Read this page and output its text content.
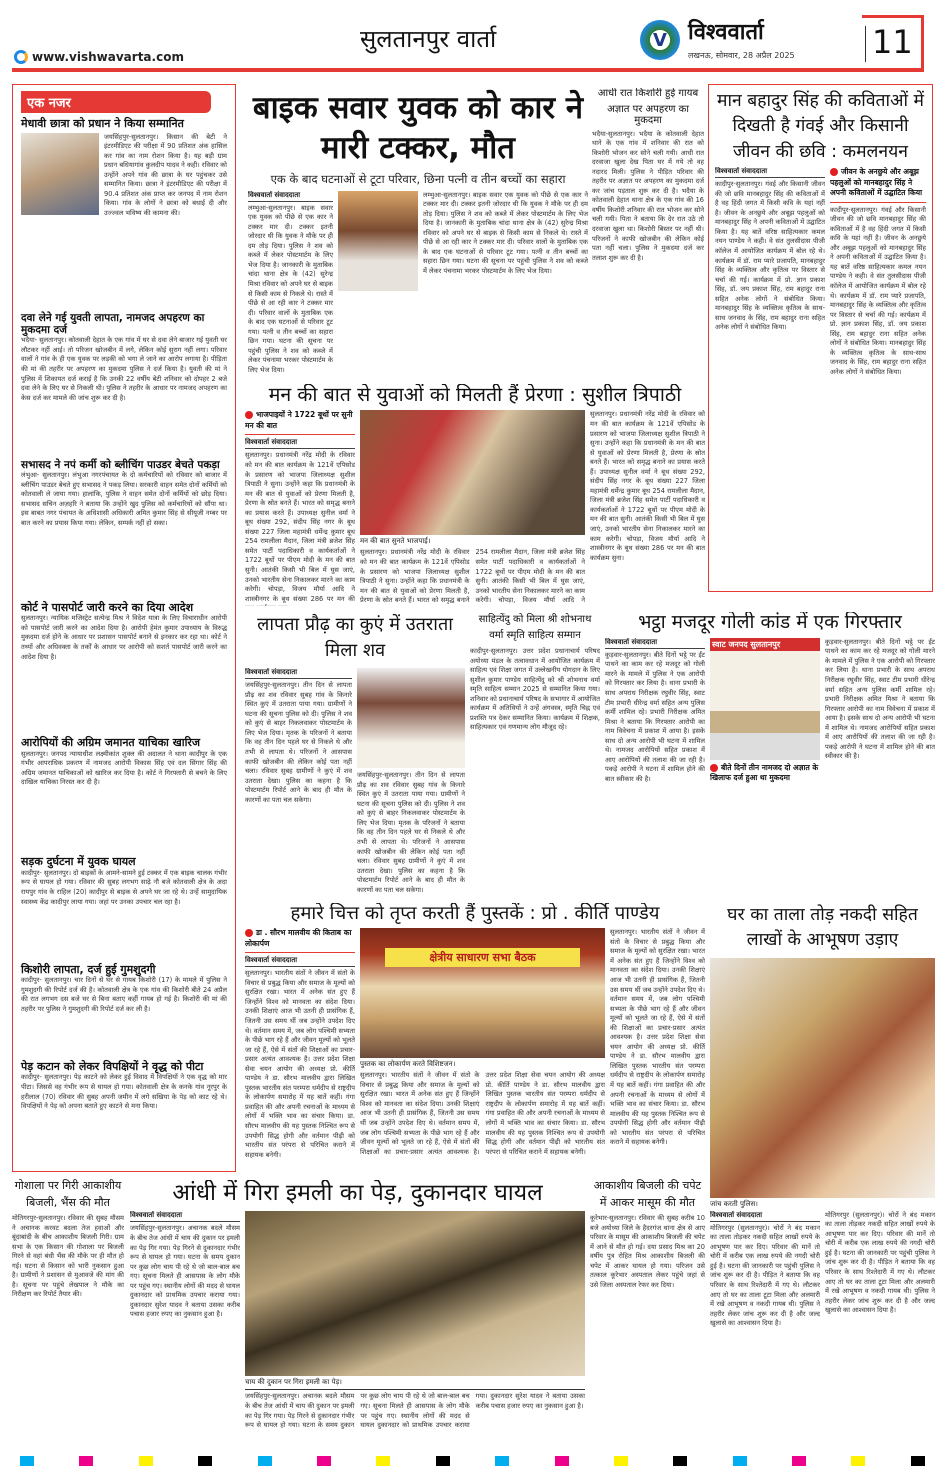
www.vishwavarta.com
सुलतानपुर वार्ता	V विश्ववार्ता
लखनऊ, सोमवार, 28 अप्रैल 2025 11
एक नजर
मेधावी छात्रा को प्रधान ने किया सम्मानित
जयसिंहपुर-सुलतानपुर। किसान की बेटी ने इंटरमीडिएट की परीक्षा में 90 प्रतिशत अंक हासिल कर गांव का नाम रोशन किया है। यह बड़ी ग्राम प्रधान बधियागांव कुलदीप यादव ने कही। रविवार को उन्होंने अपने गांव की छात्रा के घर पहुंचकर उसे सम्मानित किया। छात्रा ने इंटरमीडिएट की परीक्षा में 90.4 प्रतिशत अंक प्राप्त कर जनपद में नाम रोशन किया। गांव के लोगों ने छात्रा को बधाई दी और उज्ज्वल भविष्य की कामना की।
दवा लेने गई युवती लापता, नामजद अपहरण का मुकदमा दर्ज
भदैया- सुलतानपुर। कोतवाली देहात के एक गांव में घर से दवा लेने बाजार गई युवती घर लौटकर नहीं आई। तो परिजन खोजबीन में लगे, लेकिन कोई सुराग नहीं लगा। परिवार वालों ने गांव के ही एक युवक पर लड़की को भगा ले जाने का आरोप लगाया है। पीड़िता की मां की तहरीर पर अपहरण का मुकदमा पुलिस ने दर्ज किया है। युवती की मां ने पुलिस में शिकायत दर्ज कराई है कि उनकी 22 वर्षीय बेटी शनिवार को दोपहर 2 बजे दवा लेने के लिए घर से निकली थी। पुलिस ने तहरीर के आधार पर नामजद अपहरण का केस दर्ज कर मामले की जांच शुरू कर दी है।
सभासद ने नपं कर्मी को ब्लीचिंग पाउडर बेचते पकड़ा
लंभुआ- सुलतानपुर। लंभुआ नगरपंचायत के दो कर्मचारियों को रविवार को बाजार में ब्लीचिंग पाउडर बेचते हुए सभासद ने पकड़ लिया। सरकारी वाहन समेत दोनों कर्मियों को कोतवाली ले जाया गया। हालांकि, पुलिस ने वाहन समेत दोनों कर्मियों को छोड़ दिया। सभासद सचिन अज़हरि ने बताया कि उन्होंने खुद पुलिस को कर्मचारियों को सौंपा था। इस बाबत नगर पंचायत के अधिशासी अधिकारी अमित कुमार सिंह से सीयूजी नम्बर पर बात करने का प्रयास किया गया। लेकिन, सम्पर्क नहीं हो सका।
कोर्ट ने पासपोर्ट जारी करने का दिया आदेश
सुलतानपुर। न्यायिक मजिस्ट्रेट सत्येन्द्र मिश्र ने विदेश यात्रा के लिए विचाराधीन आरोपी को पासपोर्ट जारी करने का आदेश दिया है। आरोपी हेमंत कुमार उपाध्याय के विरुद्ध मुकदमा दर्ज होने के आधार पर प्रशासन पासपोर्ट बनाने से इनकार कर रहा था। कोर्ट ने तथ्यों और अधिवक्ता के तर्कों के आधार पर आरोपी को सशर्त पासपोर्ट जारी करने का आदेश दिया है।
आरोपियों की अग्रिम जमानत याचिका खारिज
सुलतानपुर। जनपद न्यायाधीश लक्ष्मीकांत शुक्ल की अदालत ने थाना कादीपुर के एक गंभीर आपराधिक प्रकरण में नामजद आरोपी विकास सिंह एवं दल सिंगार सिंह की अग्रिम जमानत याचिकाओं को खारिज कर दिया है। कोर्ट ने गिरफ्तारी से बचने के लिए दाखिल याचिका निरस्त कर दी है।
सड़क दुर्घटना में युवक घायल
कादीपुर- सुलतानपुर। दो बाइकों के आमने-सामने हुई टक्कर में एक बाइक चालक गंभीर रूप से घायल हो गया। रविवार की सुबह लगभग साढ़े नौ बजे कोतवाली क्षेत्र के अदा रायपुर गांव के राहिल (20) कादीपुर से बाइक से अपने घर जा रहे थे। उन्हें सामुदायिक स्वास्थ्य केंद्र कादीपुर लाया गया। जहां पर उनका उपचार चल रहा है।
किशोरी लापता, दर्ज हुई गुमशुदगी
कादीपुर- सुलतानपुर। चार दिनों से घर से गायब किशोरी (17) के मामले में पुलिस ने गुमशुदगी की रिपोर्ट दर्ज की है। कोतवाली क्षेत्र के एक गांव की किशोरी बीते 24 अप्रैल की रात लगभग दस बजे घर से बिना बताए कहीं गायब हो गई है। किशोरी की मां की तहरीर पर पुलिस ने गुमशुदगी की रिपोर्ट दर्ज कर ली है।
पेड़ कटान को लेकर विपक्षियों ने वृद्ध को पीटा
कादीपुर- सुलतानपुर। पेड़ काटने को लेकर हुई विवाद में विपक्षियों ने एक वृद्ध को मार पीटा। जिससे वह गंभीर रूप से घायल हो गया। कोतवाली क्षेत्र के कनके गांव नूरपुर के हरीलाल (70) रविवार की सुबह अपनी जमीन में लगे सखिया के पेड़ को काट रहे थे। विपक्षियों ने पेड़ को अपना बताते हुए काटने से मना किया।
बाइक सवार युवक को कार ने मारी टक्कर, मौत
एक के बाद घटनाओं से टूटा परिवार, छिना पत्नी व तीन बच्चों का सहारा
विश्ववार्ता संवाददाता
लम्भुआ-सुलतानपुर। बाइक सवार एक युवक को पीछे से एक कार ने टक्कर मार दी। टक्कर इतनी जोरदार थी कि युवक ने मौके पर ही दम तोड़ दिया। पुलिस ने शव को कब्जे में लेकर पोस्टमार्टम के लिए भेज दिया है। जानकारी के मुताबिक चांदा थाना क्षेत्र के (42) सुरेन्द्र मिश्रा रविवार को अपने घर से बाइक से किसी काम से निकले थे। रास्ते में पीछे से आ रही कार ने टक्कर मार दी। परिवार वालों के मुताबिक एक के बाद एक घटनाओं से परिवार टूट गया। पत्नी व तीन बच्चों का सहारा छिन गया। घटना की सूचना पर पहुंची पुलिस ने शव को कब्जे में लेकर पंचनामा भरकर पोस्टमार्टम के लिए भेज दिया।
लम्भुआ-सुलतानपुर। बाइक सवार एक युवक को पीछे से एक कार ने टक्कर मार दी। टक्कर इतनी जोरदार थी कि युवक ने मौके पर ही दम तोड़ दिया। पुलिस ने शव को कब्जे में लेकर पोस्टमार्टम के लिए भेज दिया है। जानकारी के मुताबिक चांदा थाना क्षेत्र के (42) सुरेन्द्र मिश्रा रविवार को अपने घर से बाइक से किसी काम से निकले थे। रास्ते में पीछे से आ रही कार ने टक्कर मार दी। परिवार वालों के मुताबिक एक के बाद एक घटनाओं से परिवार टूट गया। पत्नी व तीन बच्चों का सहारा छिन गया। घटना की सूचना पर पहुंची पुलिस ने शव को कब्जे में लेकर पंचनामा भरकर पोस्टमार्टम के लिए भेज दिया।
आधी रात किशोरी हुई गायब
अज्ञात पर अपहरण का मुकदमा
भदैया-सुलतानपुर। भदैया के कोतवाली देहात थाने के एक गांव में शनिवार की रात को किशोरी भोजन कर सोने चली गयी। आधी रात दरवाजा खुला देख पिता घर में गये तो वह नदारद मिली। पुलिस ने पीड़ित परिवार की तहरीर पर अज्ञात पर अपहरण का मुकदमा दर्ज कर जांच पड़ताल शुरू कर दी है। भदैया के कोतवाली देहात थाना क्षेत्र के एक गांव की 16 वर्षीय किशोरी शनिवार की रात भोजन कर सोने चली गयी। पिता ने बताया कि देर रात उठे तो दरवाजा खुला था। किशोरी बिस्तर पर नहीं थी। परिजनों ने काफी खोजबीन की लेकिन कोई पता नहीं चला। पुलिस ने मुकदमा दर्ज कर तलाश शुरू कर दी है।
मान बहादुर सिंह की कविताओं में दिखती है गंवई और किसानी जीवन की छवि : कमलनयन
विश्ववार्ता संवाददाता
कादीपुर-सुलतानपुर। गंवई और किसानी जीवन की जो छवि मानबहादुर सिंह की कविताओं में है वह हिंदी जगत में किसी कवि के यहां नहीं है। जीवन के अनछुये और अबूझ पहलुओं को मानबहादुर सिंह ने अपनी कविताओं में उद्घाटित किया है। यह बातें वरिष्ठ साहित्यकार कमल नयन पाण्डेय ने कही। वे संत तुलसीदास पीजी कॉलेज में आयोजित कार्यक्रम में बोल रहे थे। कार्यक्रम में डॉ. राम प्यारे प्रजापति, मानबहादुर सिंह के व्यक्तित्व और कृतित्व पर विस्तार से चर्चा की गई। कार्यक्रम में प्रो. ज्ञान प्रकाश सिंह, डॉ. जय प्रकाश सिंह, राम बहादुर राना सहित अनेक लोगों ने संबोधित किया। मानबहादुर सिंह के व्यक्तित्व कृतित्व के साथ-साथ जनवाद के सिंह, राम बहादुर राना सहित अनेक लोगों ने संबोधित किया।
जीवन के अनछुये और अबूझ पहलुओं को मानबहादुर सिंह ने अपनी कविताओं में उद्घाटित किया
कादीपुर-सुलतानपुर। गंवई और किसानी जीवन की जो छवि मानबहादुर सिंह की कविताओं में है वह हिंदी जगत में किसी कवि के यहां नहीं है। जीवन के अनछुये और अबूझ पहलुओं को मानबहादुर सिंह ने अपनी कविताओं में उद्घाटित किया है। यह बातें वरिष्ठ साहित्यकार कमल नयन पाण्डेय ने कही। वे संत तुलसीदास पीजी कॉलेज में आयोजित कार्यक्रम में बोल रहे थे। कार्यक्रम में डॉ. राम प्यारे प्रजापति, मानबहादुर सिंह के व्यक्तित्व और कृतित्व पर विस्तार से चर्चा की गई। कार्यक्रम में प्रो. ज्ञान प्रकाश सिंह, डॉ. जय प्रकाश सिंह, राम बहादुर राना सहित अनेक लोगों ने संबोधित किया। मानबहादुर सिंह के व्यक्तित्व कृतित्व के साथ-साथ जनवाद के सिंह, राम बहादुर राना सहित अनेक लोगों ने संबोधित किया।
मन की बात से युवाओं को मिलती हैं प्रेरणा : सुशील त्रिपाठी
भाजपाइयों ने 1722 बूथों पर सुनी मन की बात
विश्ववार्ता संवाददाता
सुलतानपुर। प्रधानमंत्री नरेंद्र मोदी के रविवार को मन की बात कार्यक्रम के 121वें एपिसोड के प्रसारण को भाजपा जिलाध्यक्ष सुशील त्रिपाठी ने सुना। उन्होंने कहा कि प्रधानमंत्री के मन की बात से युवाओं को प्रेरणा मिलती है, प्रेरणा के स्रोत बनते हैं। भारत को समृद्ध बनाने का प्रयास करते हैं। उपाध्यक्ष सुनील वर्मा ने बूथ संख्या 292, संदीप सिंह नगर के बूथ संख्या 227 जिला महामंत्री धर्मेन्द्र कुमार बूथ 254 रामलीला मैदान, जिला मंत्री ब्रजेश सिंह समेत पार्टी पदाधिकारी व कार्यकर्ताओं ने 1722 बूथों पर पीएम मोदी के मन की बात सुनी। आतंकी किसी भी बिल में घुस जाएं, उनको भारतीय सेना निकालकर मारने का काम करेगी। चोपड़ा, विजय मौर्या आदि ने शास्त्रीनगर के बूथ संख्या 286 पर मन की
मन की बात सुनते भाजपाई।
सुलतानपुर। प्रधानमंत्री नरेंद्र मोदी के रविवार को मन की बात कार्यक्रम के 121वें एपिसोड के प्रसारण को भाजपा जिलाध्यक्ष सुशील त्रिपाठी ने सुना। उन्होंने कहा कि प्रधानमंत्री के मन की बात से युवाओं को प्रेरणा मिलती है, प्रेरणा के स्रोत बनते हैं। भारत को समृद्ध बनाने 254 रामलीला मैदान, जिला मंत्री ब्रजेश सिंह समेत पार्टी पदाधिकारी व कार्यकर्ताओं ने 1722 बूथों पर पीएम मोदी के मन की बात सुनी। आतंकी किसी भी बिल में घुस जाएं, उनको भारतीय सेना निकालकर मारने का काम करेगी। चोपड़ा, विजय मौर्या आदि ने
सुलतानपुर। प्रधानमंत्री नरेंद्र मोदी के रविवार को मन की बात कार्यक्रम के 121वें एपिसोड के प्रसारण को भाजपा जिलाध्यक्ष सुशील त्रिपाठी ने सुना। उन्होंने कहा कि प्रधानमंत्री के मन की बात से युवाओं को प्रेरणा मिलती है, प्रेरणा के स्रोत बनते हैं। भारत को समृद्ध बनाने का प्रयास करते हैं। उपाध्यक्ष सुनील वर्मा ने बूथ संख्या 292, संदीप सिंह नगर के बूथ संख्या 227 जिला महामंत्री धर्मेन्द्र कुमार बूथ 254 रामलीला मैदान, जिला मंत्री ब्रजेश सिंह समेत पार्टी पदाधिकारी व कार्यकर्ताओं ने 1722 बूथों पर पीएम मोदी के मन की बात सुनी। आतंकी किसी भी बिल में घुस जाएं, उनको भारतीय सेना निकालकर मारने का काम करेगी। चोपड़ा, विजय मौर्या आदि ने शास्त्रीनगर के बूथ संख्या 286 पर मन की बात कार्यक्रम सुना।
लापता प्रौढ़ का कुएं में उतराता मिला शव
विश्ववार्ता संवाददाता
जयसिंहपुर-सुलतानपुर। तीन दिन से लापता प्रौढ़ का शव रविवार सुबह गांव के किनारे स्थित कुएं में उतराता पाया गया। ग्रामीणों ने घटना की सूचना पुलिस को दी। पुलिस ने शव को कुएं से बाहर निकलवाकर पोस्टमार्टम के लिए भेज दिया। मृतक के परिजनों ने बताया कि वह तीन दिन पहले घर से निकले थे और तभी से लापता थे। परिजनों ने आसपास काफी खोजबीन की लेकिन कोई पता नहीं चला। रविवार सुबह ग्रामीणों ने कुएं में शव उतराता देखा। पुलिस का कहना है कि पोस्टमार्टम रिपोर्ट आने के बाद ही मौत के कारणों का पता चल सकेगा।
जयसिंहपुर-सुलतानपुर। तीन दिन से लापता प्रौढ़ का शव रविवार सुबह गांव के किनारे स्थित कुएं में उतराता पाया गया। ग्रामीणों ने घटना की सूचना पुलिस को दी। पुलिस ने शव को कुएं से बाहर निकलवाकर पोस्टमार्टम के लिए भेज दिया। मृतक के परिजनों ने बताया कि वह तीन दिन पहले घर से निकले थे और तभी से लापता थे। परिजनों ने आसपास काफी खोजबीन की लेकिन कोई पता नहीं चला। रविवार सुबह ग्रामीणों ने कुएं में शव उतराता देखा। पुलिस का कहना है कि पोस्टमार्टम रिपोर्ट आने के बाद ही मौत के कारणों का पता चल सकेगा।
साहित्येंदु को मिला श्री शोभनाथ वर्मा स्मृति साहित्य सम्मान
कादीपुर-सुलतानपुर। उत्तर प्रदेश प्रधानाचार्य परिषद अयोध्या मंडल के तत्वावधान में आयोजित कार्यक्रम में साहित्य एवं शिक्षा जगत में उल्लेखनीय योगदान के लिए सुशील कुमार पाण्डेय साहित्येंदु को श्री शोभनाथ वर्मा स्मृति साहित्य सम्मान 2025 से सम्मानित किया गया। शनिवार को प्रधानाचार्य परिषद के सभागार में आयोजित कार्यक्रम में अतिथियों ने उन्हें अंगवस्त्र, स्मृति चिह्न एवं प्रशस्ति पत्र देकर सम्मानित किया। कार्यक्रम में शिक्षक, साहित्यकार एवं गणमान्य लोग मौजूद रहे।
भट्ठा मजदूर गोली कांड में एक गिरफ्तार
विश्ववार्ता संवाददाता
कुड़वार-सुलतानपुर। बीते दिनों भट्ठे पर ईंट पाथने का काम कर रहे मजदूर को गोली मारने के मामले में पुलिस ने एक आरोपी को गिरफ्तार कर लिया है। थाना प्रभारी के साथ अपराध निरीक्षक रघुवीर सिंह, स्वाट टीम प्रभारी धीरेन्द्र वर्मा सहित अन्य पुलिस कर्मी शामिल रहे। प्रभारी निरीक्षक अमित मिश्रा ने बताया कि गिरफ्तार आरोपी का नाम विवेचना में प्रकाश में आया है। इसके साथ दो अन्य आरोपी भी घटना में शामिल थे। नामजद आरोपियों सहित प्रकाश में आए आरोपियों की तलाश की जा रही है। पकड़े आरोपी ने घटना में शामिल होने की बात स्वीकार की है।
स्वाट जनपद सुलतानपुर
बीते दिनों तीन नामजद दो अज्ञात के खिलाफ दर्ज हुआ था मुकदमा
कुड़वार-सुलतानपुर। बीते दिनों भट्ठे पर ईंट पाथने का काम कर रहे मजदूर को गोली मारने के मामले में पुलिस ने एक आरोपी को गिरफ्तार कर लिया है। थाना प्रभारी के साथ अपराध निरीक्षक रघुवीर सिंह, स्वाट टीम प्रभारी धीरेन्द्र वर्मा सहित अन्य पुलिस कर्मी शामिल रहे। प्रभारी निरीक्षक अमित मिश्रा ने बताया कि गिरफ्तार आरोपी का नाम विवेचना में प्रकाश में आया है। इसके साथ दो अन्य आरोपी भी घटना में शामिल थे। नामजद आरोपियों सहित प्रकाश में आए आरोपियों की तलाश की जा रही है। पकड़े आरोपी ने घटना में शामिल होने की बात स्वीकार की है।
हमारे चित्त को तृप्त करती हैं पुस्तकें : प्रो . कीर्ति पाण्डेय
डा . सौरभ मालवीय की किताब का लोकार्पण
विश्ववार्ता संवाददाता
सुलतानपुर। भारतीय संतों ने जीवन में संतो के विचार से प्रबुद्ध किया और समाज के मूल्यों को सुरक्षित रखा। भारत में अनेक संत हुए हैं जिन्होंने विश्व को मानवता का संदेश दिया। उनकी शिक्षाएं आज भी उतनी ही प्रासंगिक हैं, जितनी उस समय थीं जब उन्होंने उपदेश दिए थे। वर्तमान समय में, जब लोग पश्चिमी सभ्यता के पीछे भाग रहे हैं और जीवन मूल्यों को भूलते जा रहे हैं, ऐसे में संतों की शिक्षाओं का प्रचार-प्रसार अत्यंत आवश्यक है। उत्तर प्रदेश शिक्षा सेवा चयन आयोग की अध्यक्ष प्रो. कीर्ति पाण्डेय ने डा. सौरभ मालवीय द्वारा लिखित पुस्तक भारतीय संत परम्परा धर्मदीप से राष्ट्रदीप के लोकार्पण समारोह में यह बातें कहीं। गंगा प्रवाहित की और अपनी रचनाओं के माध्यम से लोगों में भक्ति भाव का संचार किया। डा. सौरभ मालवीय की यह पुस्तक निश्चित रूप से उपयोगी सिद्ध होगी और वर्तमान पीढ़ी को भारतीय संत परंपरा से परिचित कराने में सहायक बनेगी।
क्षेत्रीय साधारण सभा बैठक
पुस्तक का लोकार्पण करते विशिष्टजन।
सुलतानपुर। भारतीय संतों ने जीवन में संतो के विचार से प्रबुद्ध किया और समाज के मूल्यों को सुरक्षित रखा। भारत में अनेक संत हुए हैं जिन्होंने विश्व को मानवता का संदेश दिया। उनकी शिक्षाएं आज भी उतनी ही प्रासंगिक हैं, जितनी उस समय थीं जब उन्होंने उपदेश दिए थे। वर्तमान समय में, जब लोग पश्चिमी सभ्यता के पीछे भाग रहे हैं और जीवन मूल्यों को भूलते जा रहे हैं, ऐसे में संतों की शिक्षाओं का प्रचार-प्रसार अत्यंत आवश्यक है। उत्तर प्रदेश शिक्षा सेवा चयन आयोग की अध्यक्ष प्रो. कीर्ति पाण्डेय ने डा. सौरभ मालवीय द्वारा लिखित पुस्तक भारतीय संत परम्परा धर्मदीप से राष्ट्रदीप के लोकार्पण समारोह में यह बातें कहीं। गंगा प्रवाहित की और अपनी रचनाओं के माध्यम से लोगों में भक्ति भाव का संचार किया। डा. सौरभ मालवीय की यह पुस्तक निश्चित रूप से उपयोगी सिद्ध होगी और वर्तमान पीढ़ी को भारतीय संत परंपरा से परिचित कराने में सहायक बनेगी।
सुलतानपुर। भारतीय संतों ने जीवन में संतो के विचार से प्रबुद्ध किया और समाज के मूल्यों को सुरक्षित रखा। भारत में अनेक संत हुए हैं जिन्होंने विश्व को मानवता का संदेश दिया। उनकी शिक्षाएं आज भी उतनी ही प्रासंगिक हैं, जितनी उस समय थीं जब उन्होंने उपदेश दिए थे। वर्तमान समय में, जब लोग पश्चिमी सभ्यता के पीछे भाग रहे हैं और जीवन मूल्यों को भूलते जा रहे हैं, ऐसे में संतों की शिक्षाओं का प्रचार-प्रसार अत्यंत आवश्यक है। उत्तर प्रदेश शिक्षा सेवा चयन आयोग की अध्यक्ष प्रो. कीर्ति पाण्डेय ने डा. सौरभ मालवीय द्वारा लिखित पुस्तक भारतीय संत परम्परा धर्मदीप से राष्ट्रदीप के लोकार्पण समारोह में यह बातें कहीं। गंगा प्रवाहित की और अपनी रचनाओं के माध्यम से लोगों में भक्ति भाव का संचार किया। डा. सौरभ मालवीय की यह पुस्तक निश्चित रूप से उपयोगी सिद्ध होगी और वर्तमान पीढ़ी को भारतीय संत परंपरा से परिचित कराने में सहायक बनेगी।
घर का ताला तोड़ नकदी सहित लाखों के आभूषण उड़ाए
जांच करती पुलिस।
विश्ववार्ता संवाददाता
मोतिगरपुर (सुलतानपुर)। चोरों ने बंद मकान का ताला तोड़कर नकदी सहित लाखों रुपये के आभूषण पार कर दिए। परिवार की मानें तो चोरी में करीब एक लाख रुपये की नगदी चोरी हुई है। घटना की जानकारी पर पहुंची पुलिस ने जांच शुरू कर दी है। पीड़ित ने बताया कि वह परिवार के साथ रिश्तेदारी में गए थे। लौटकर आए तो घर का ताला टूटा मिला और अलमारी में रखे आभूषण व नकदी गायब थी। पुलिस ने तहरीर लेकर जांच शुरू कर दी है और जल्द खुलासे का आश्वासन दिया है।
मोतिगरपुर (सुलतानपुर)। चोरों ने बंद मकान का ताला तोड़कर नकदी सहित लाखों रुपये के आभूषण पार कर दिए। परिवार की मानें तो चोरी में करीब एक लाख रुपये की नगदी चोरी हुई है। घटना की जानकारी पर पहुंची पुलिस ने जांच शुरू कर दी है। पीड़ित ने बताया कि वह परिवार के साथ रिश्तेदारी में गए थे। लौटकर आए तो घर का ताला टूटा मिला और अलमारी में रखे आभूषण व नकदी गायब थी। पुलिस ने तहरीर लेकर जांच शुरू कर दी है और जल्द खुलासे का आश्वासन दिया है।
गोशाला पर गिरी आकाशीय बिजली, भैंस की मौत
मोतिगरपुर-सुलतानपुर। रविवार की सुबह मौसम ने अचानक करवट बदला तेज हवाओं और बूंदाबांदी के बीच आकाशीय बिजली गिरी। ग्राम सभा के एक किसान की गोशाला पर बिजली गिरने से वहां बंधी भैंस की मौके पर ही मौत हो गई। घटना से किसान को भारी नुकसान हुआ है। ग्रामीणों ने प्रशासन से मुआवजे की मांग की है। सूचना पर पहुंचे लेखपाल ने मौके का निरीक्षण कर रिपोर्ट तैयार की।
आंधी में गिरा इमली का पेड़, दुकानदार घायल
विश्ववार्ता संवाददाता
जयसिंहपुर-सुलतानपुर। अचानक बदले मौसम के बीच तेज आंधी में चाय की दुकान पर इमली का पेड़ गिर गया। पेड़ गिरने से दुकानदार गंभीर रूप से घायल हो गया। घटना के समय दुकान पर कुछ लोग चाय पी रहे थे जो बाल-बाल बच गए। सूचना मिलते ही आसपास के लोग मौके पर पहुंच गए। स्थानीय लोगों की मदद से घायल दुकानदार को प्राथमिक उपचार कराया गया। दुकानदार सुरेश यादव ने बताया उसका करीब पचास हजार रुपए का नुकसान हुआ है।
चाय की दुकान पर गिरा इमली का पेड़।
जयसिंहपुर-सुलतानपुर। अचानक बदले मौसम के बीच तेज आंधी में चाय की दुकान पर इमली का पेड़ गिर गया। पेड़ गिरने से दुकानदार गंभीर रूप से घायल हो गया। घटना के समय दुकान पर कुछ लोग चाय पी रहे थे जो बाल-बाल बच गए। सूचना मिलते ही आसपास के लोग मौके पर पहुंच गए। स्थानीय लोगों की मदद से घायल दुकानदार को प्राथमिक उपचार कराया गया। दुकानदार सुरेश यादव ने बताया उसका करीब पचास हजार रुपए का नुकसान हुआ है।
आकाशीय बिजली की चपेट में आकर मासूम की मौत
कूरेभार-सुलतानपुर। रविवार की सुबह करीब 10 बजे अयोध्या जिले के हैदरगंज थाना क्षेत्र से आए परिवार के मासूम की आकाशीय बिजली की चपेट में आने से मौत हो गई। दया प्रसाद मिश्र का 20 वर्षीय पुत्र रोहित मिश्र आकाशीय बिजली की चपेट में आकर घायल हो गया। परिजन उसे तत्काल कूरेभार अस्पताल लेकर पहुंचे जहां से उसे जिला अस्पताल रेफर कर दिया।
